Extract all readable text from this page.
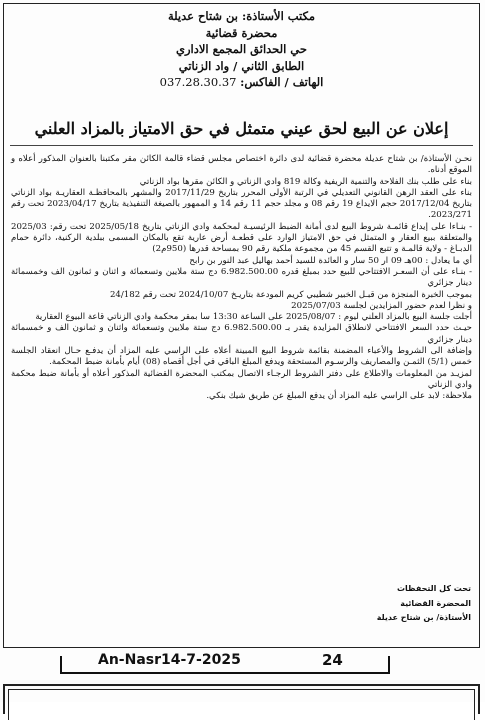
مكتب الأستاذة: بن شتاح عديلة
محضرة قضائية
حي الحدائق المجمع الاداري
الطابق الثاني / واد الزناتي
الهاتف / الفاكس: 037.28.30.37
إعلان عن البيع لحق عيني متمثل في حق الامتياز بالمزاد العلني

نحـن الأستاذة/ بن شتاح عديلة محضرة قضائية لدى دائرة اختصاص مجلس قضاء قالمة الكائن مقر مكتبنا بالعنوان المذكور أعلاه و الموقع أدناه.

بناء على طلب بنك الفلاحة والتنمية الريفية وكالة 819 وادي الزناتي و الكائن مقرها بواد الزناتي

بناء على العقد الرهن القانوني التعديلي في الرتبة الأولى المحرر بتاريخ 2017/11/29 والمشهر بالمحافظـة العقاريـة بواد الزناتي بتاريخ 2017/12/04 حجم الايداع 19 رقم 08 و مجلد حجم 11 رقم 14 و الممهور بالصيغة التنفيذية بتاريخ 2023/04/17 تحت رقم 2023/271.

- بنـاءا على إيداع قائمـة شروط البيع لدى أمانة الضبط الرئيسيـة لمحكمة وادي الزناتي بتاريخ 2025/05/18 تحت رقم: 2025/03 والمتعلقة ببيع العقار و المتمثل في حق الامتياز الوارد على قطعـة أرض عارية تقع بالمكان المسمى ببلدية الركنية، دائرة حمام الدبـاغ - ولاية قالمـة و تتبع القسم 45 من مجموعة ملكية رقم 90 بمساحة قدرها (950م2)

أي ما يعادل : 00هـ 09 ار 50 سار و العائدة للسيد أحمد بهاليل عبد النور بن رابح

- بنـاء على أن السعـر الافتتاحي للبيع حدد بمبلغ قدره 6.982.500.00 دج ستة ملايين وتسعمائة و اثنان و ثمانون الف وخمسمائة دينار جزائري

بموجب الخبرة المنجزة من قبـل الخبير شطيبي كريم المودعة بتاريـخ 2024/10/07 تحت رقم 24/182

و نظرا لعدم حضور المزايدين لجلسة 2025/07/03

أجلت جلسة البيع بالمزاد العلني ليوم : 2025/08/07 على الساعة 13:30 سا بمقر محكمة وادي الزناتي قاعة البيوع العقارية

حيـث حدد السعر الافتتاحي لانطلاق المزايدة يقدر بـ 6.982.500.00 دج ستة ملايين وتسعمائة واثنان و ثمانون الف و خمسمائة دينار جزائري

وإضافة الى الشروط والأعباء المضمنة بقائمة شروط البيع المبينة أعلاه على الراسي عليه المزاد أن يدفـع حـال انعقاد الجلسة خمس (5/1) الثمـن والمصاريف والرسـوم المستحقة ويدفع المبلغ الباقي في أجل أقصاه (08) أيام بأمانة ضبط المحكمة.

لمزيـد من المعلومات والاطلاع على دفتر الشروط الرجـاء الاتصال بمكتب المحضرة القضائية المذكور أعلاه أو بأمانة ضبط محكمة وادي الزناتي

ملاحظة: لابد على الراسي عليه المزاد أن يدفع المبلغ عن طريق شيك بنكي.

تحت كل التحفظات
المحضرة القضائية
الأستاذة/ بن شتاح عديلة
An-Nasr14-7-2025	24
